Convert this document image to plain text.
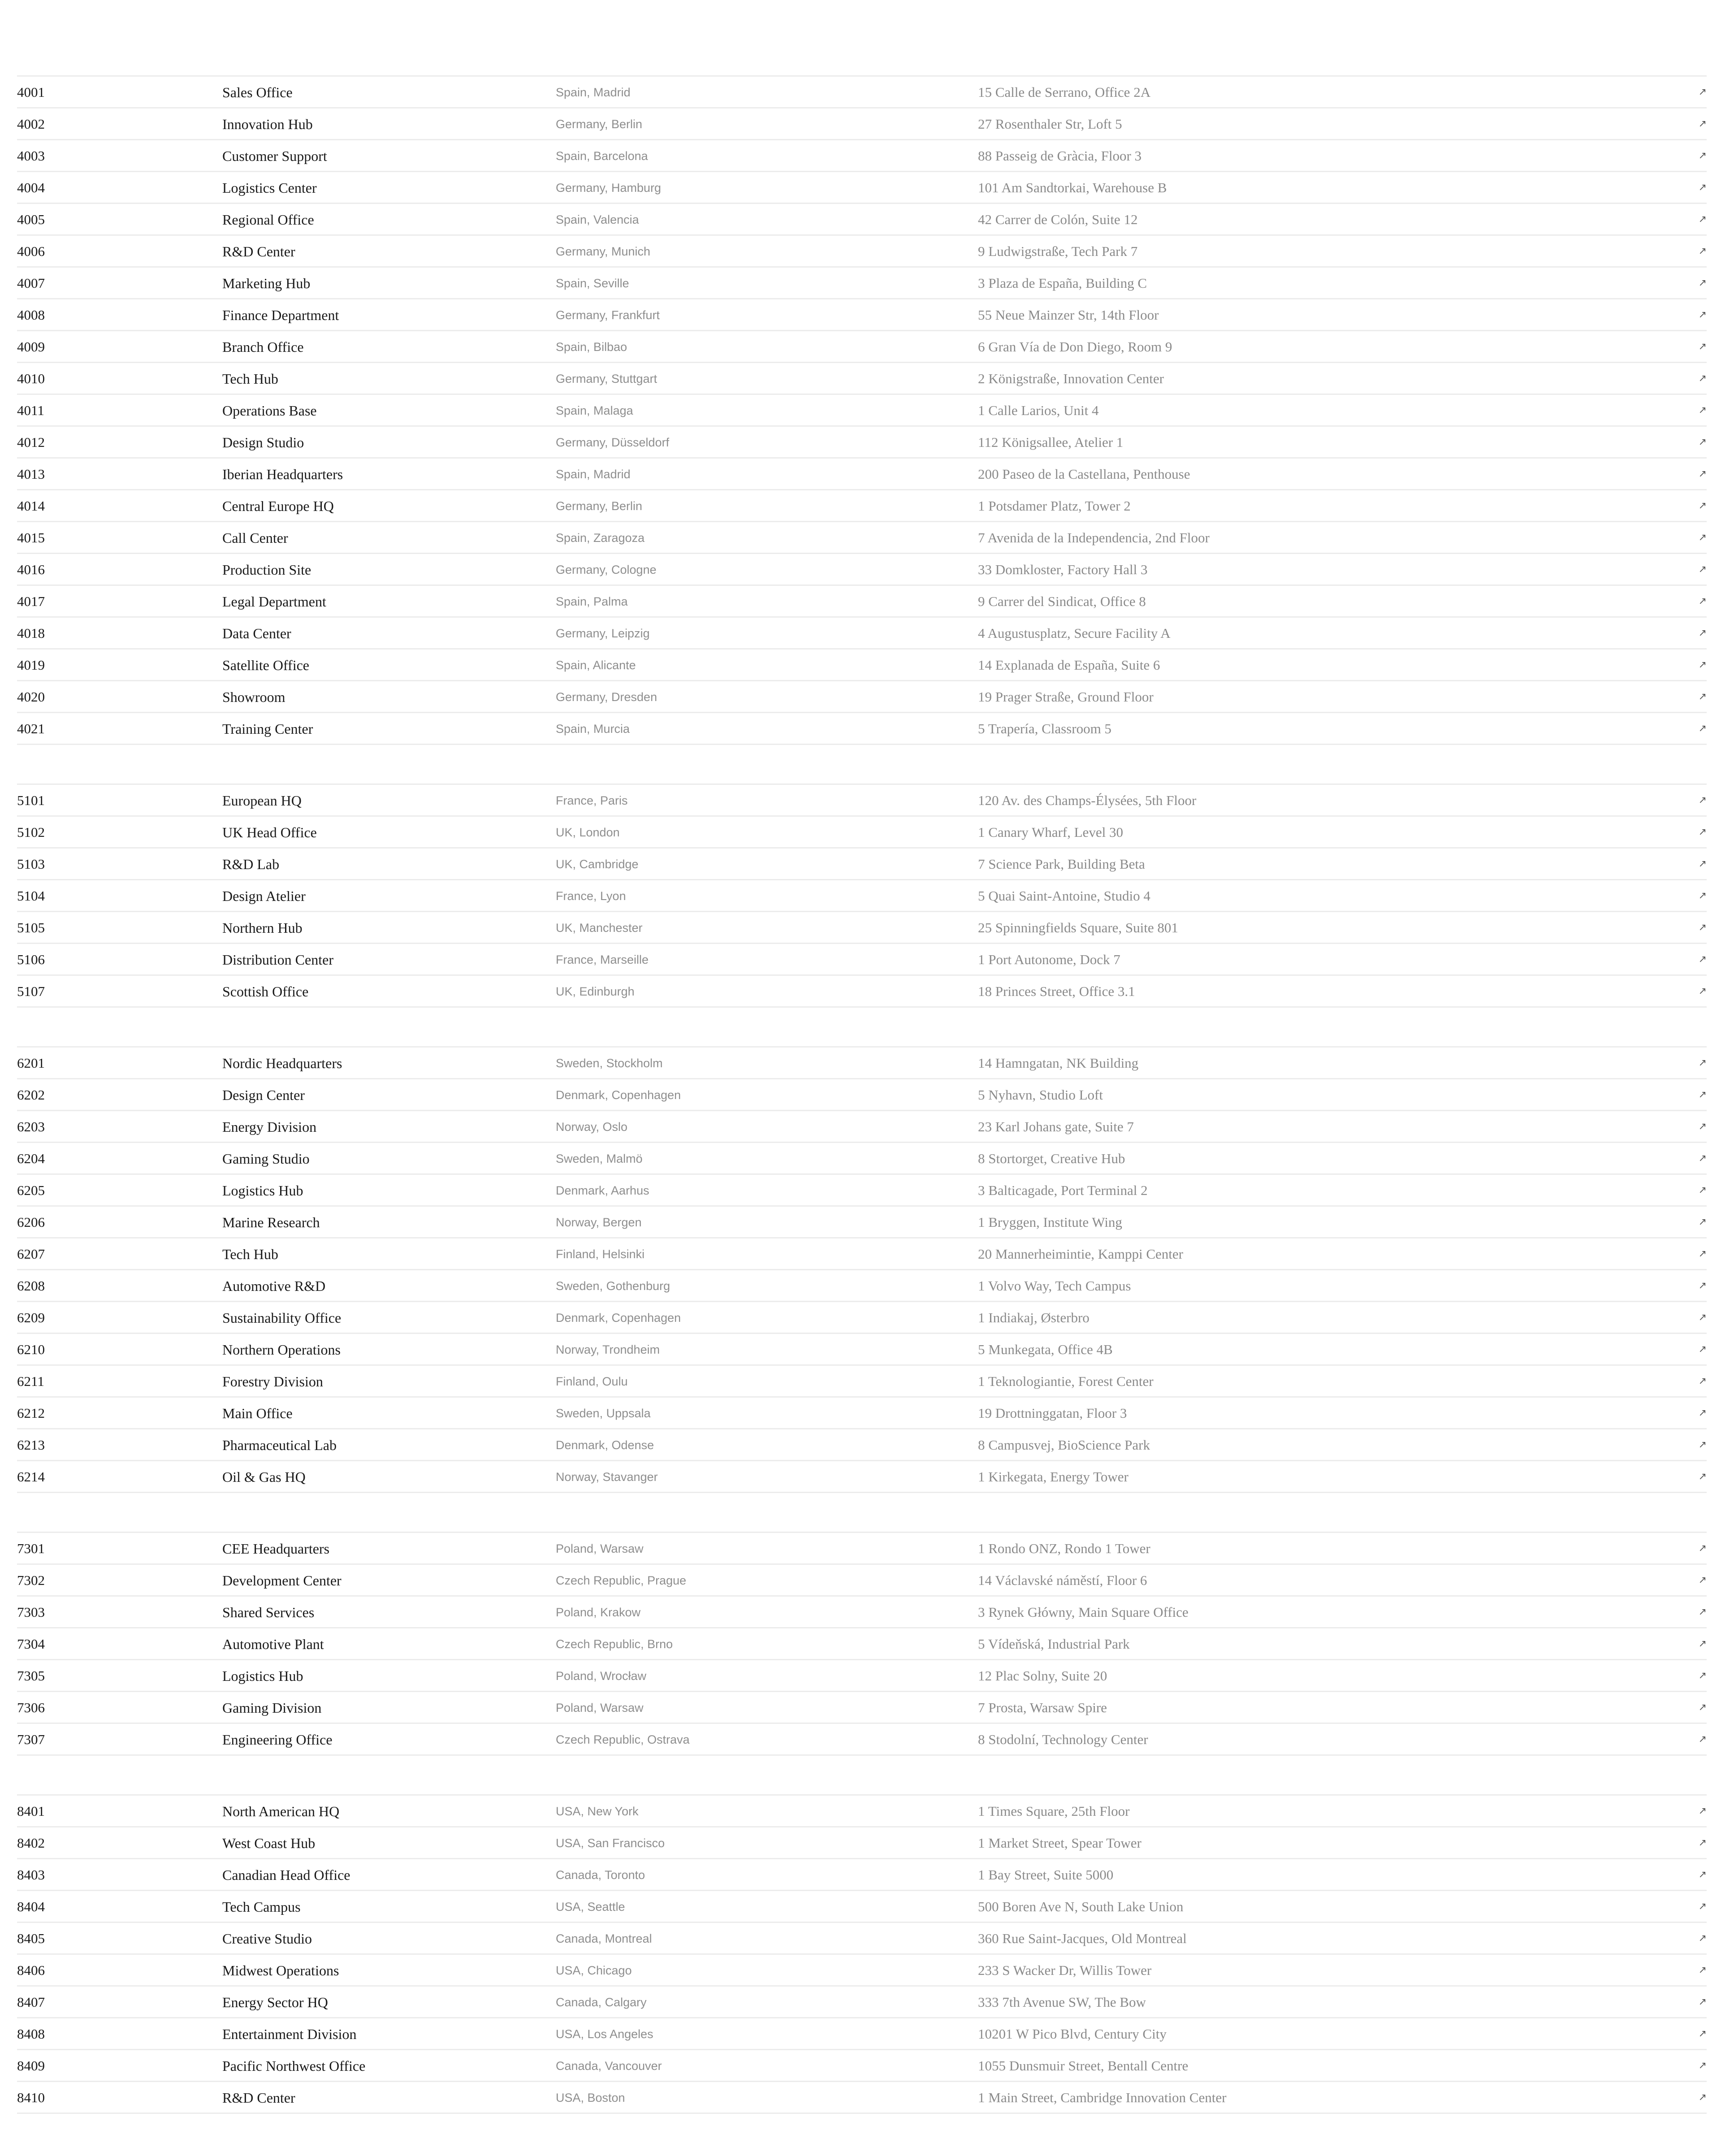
4001	Sales Office	Spain, Madrid	15 Calle de Serrano, Office 2A	↗
4002	Innovation Hub	Germany, Berlin	27 Rosenthaler Str, Loft 5	↗
4003	Customer Support	Spain, Barcelona	88 Passeig de Gràcia, Floor 3	↗
4004	Logistics Center	Germany, Hamburg	101 Am Sandtorkai, Warehouse B	↗
4005	Regional Office	Spain, Valencia	42 Carrer de Colón, Suite 12	↗
4006	R&D Center	Germany, Munich	9 Ludwigstraße, Tech Park 7	↗
4007	Marketing Hub	Spain, Seville	3 Plaza de España, Building C	↗
4008	Finance Department	Germany, Frankfurt	55 Neue Mainzer Str, 14th Floor	↗
4009	Branch Office	Spain, Bilbao	6 Gran Vía de Don Diego, Room 9	↗
4010	Tech Hub	Germany, Stuttgart	2 Königstraße, Innovation Center	↗
4011	Operations Base	Spain, Malaga	1 Calle Larios, Unit 4	↗
4012	Design Studio	Germany, Düsseldorf	112 Königsallee, Atelier 1	↗
4013	Iberian Headquarters	Spain, Madrid	200 Paseo de la Castellana, Penthouse	↗
4014	Central Europe HQ	Germany, Berlin	1 Potsdamer Platz, Tower 2	↗
4015	Call Center	Spain, Zaragoza	7 Avenida de la Independencia, 2nd Floor	↗
4016	Production Site	Germany, Cologne	33 Domkloster, Factory Hall 3	↗
4017	Legal Department	Spain, Palma	9 Carrer del Sindicat, Office 8	↗
4018	Data Center	Germany, Leipzig	4 Augustusplatz, Secure Facility A	↗
4019	Satellite Office	Spain, Alicante	14 Explanada de España, Suite 6	↗
4020	Showroom	Germany, Dresden	19 Prager Straße, Ground Floor	↗
4021	Training Center	Spain, Murcia	5 Trapería, Classroom 5	↗
5101	European HQ	France, Paris	120 Av. des Champs-Élysées, 5th Floor	↗
5102	UK Head Office	UK, London	1 Canary Wharf, Level 30	↗
5103	R&D Lab	UK, Cambridge	7 Science Park, Building Beta	↗
5104	Design Atelier	France, Lyon	5 Quai Saint-Antoine, Studio 4	↗
5105	Northern Hub	UK, Manchester	25 Spinningfields Square, Suite 801	↗
5106	Distribution Center	France, Marseille	1 Port Autonome, Dock 7	↗
5107	Scottish Office	UK, Edinburgh	18 Princes Street, Office 3.1	↗
6201	Nordic Headquarters	Sweden, Stockholm	14 Hamngatan, NK Building	↗
6202	Design Center	Denmark, Copenhagen	5 Nyhavn, Studio Loft	↗
6203	Energy Division	Norway, Oslo	23 Karl Johans gate, Suite 7	↗
6204	Gaming Studio	Sweden, Malmö	8 Stortorget, Creative Hub	↗
6205	Logistics Hub	Denmark, Aarhus	3 Balticagade, Port Terminal 2	↗
6206	Marine Research	Norway, Bergen	1 Bryggen, Institute Wing	↗
6207	Tech Hub	Finland, Helsinki	20 Mannerheimintie, Kamppi Center	↗
6208	Automotive R&D	Sweden, Gothenburg	1 Volvo Way, Tech Campus	↗
6209	Sustainability Office	Denmark, Copenhagen	1 Indiakaj, Østerbro	↗
6210	Northern Operations	Norway, Trondheim	5 Munkegata, Office 4B	↗
6211	Forestry Division	Finland, Oulu	1 Teknologiantie, Forest Center	↗
6212	Main Office	Sweden, Uppsala	19 Drottninggatan, Floor 3	↗
6213	Pharmaceutical Lab	Denmark, Odense	8 Campusvej, BioScience Park	↗
6214	Oil & Gas HQ	Norway, Stavanger	1 Kirkegata, Energy Tower	↗
7301	CEE Headquarters	Poland, Warsaw	1 Rondo ONZ, Rondo 1 Tower	↗
7302	Development Center	Czech Republic, Prague	14 Václavské náměstí, Floor 6	↗
7303	Shared Services	Poland, Krakow	3 Rynek Główny, Main Square Office	↗
7304	Automotive Plant	Czech Republic, Brno	5 Vídeňská, Industrial Park	↗
7305	Logistics Hub	Poland, Wrocław	12 Plac Solny, Suite 20	↗
7306	Gaming Division	Poland, Warsaw	7 Prosta, Warsaw Spire	↗
7307	Engineering Office	Czech Republic, Ostrava	8 Stodolní, Technology Center	↗
8401	North American HQ	USA, New York	1 Times Square, 25th Floor	↗
8402	West Coast Hub	USA, San Francisco	1 Market Street, Spear Tower	↗
8403	Canadian Head Office	Canada, Toronto	1 Bay Street, Suite 5000	↗
8404	Tech Campus	USA, Seattle	500 Boren Ave N, South Lake Union	↗
8405	Creative Studio	Canada, Montreal	360 Rue Saint-Jacques, Old Montreal	↗
8406	Midwest Operations	USA, Chicago	233 S Wacker Dr, Willis Tower	↗
8407	Energy Sector HQ	Canada, Calgary	333 7th Avenue SW, The Bow	↗
8408	Entertainment Division	USA, Los Angeles	10201 W Pico Blvd, Century City	↗
8409	Pacific Northwest Office	Canada, Vancouver	1055 Dunsmuir Street, Bentall Centre	↗
8410	R&D Center	USA, Boston	1 Main Street, Cambridge Innovation Center	↗
